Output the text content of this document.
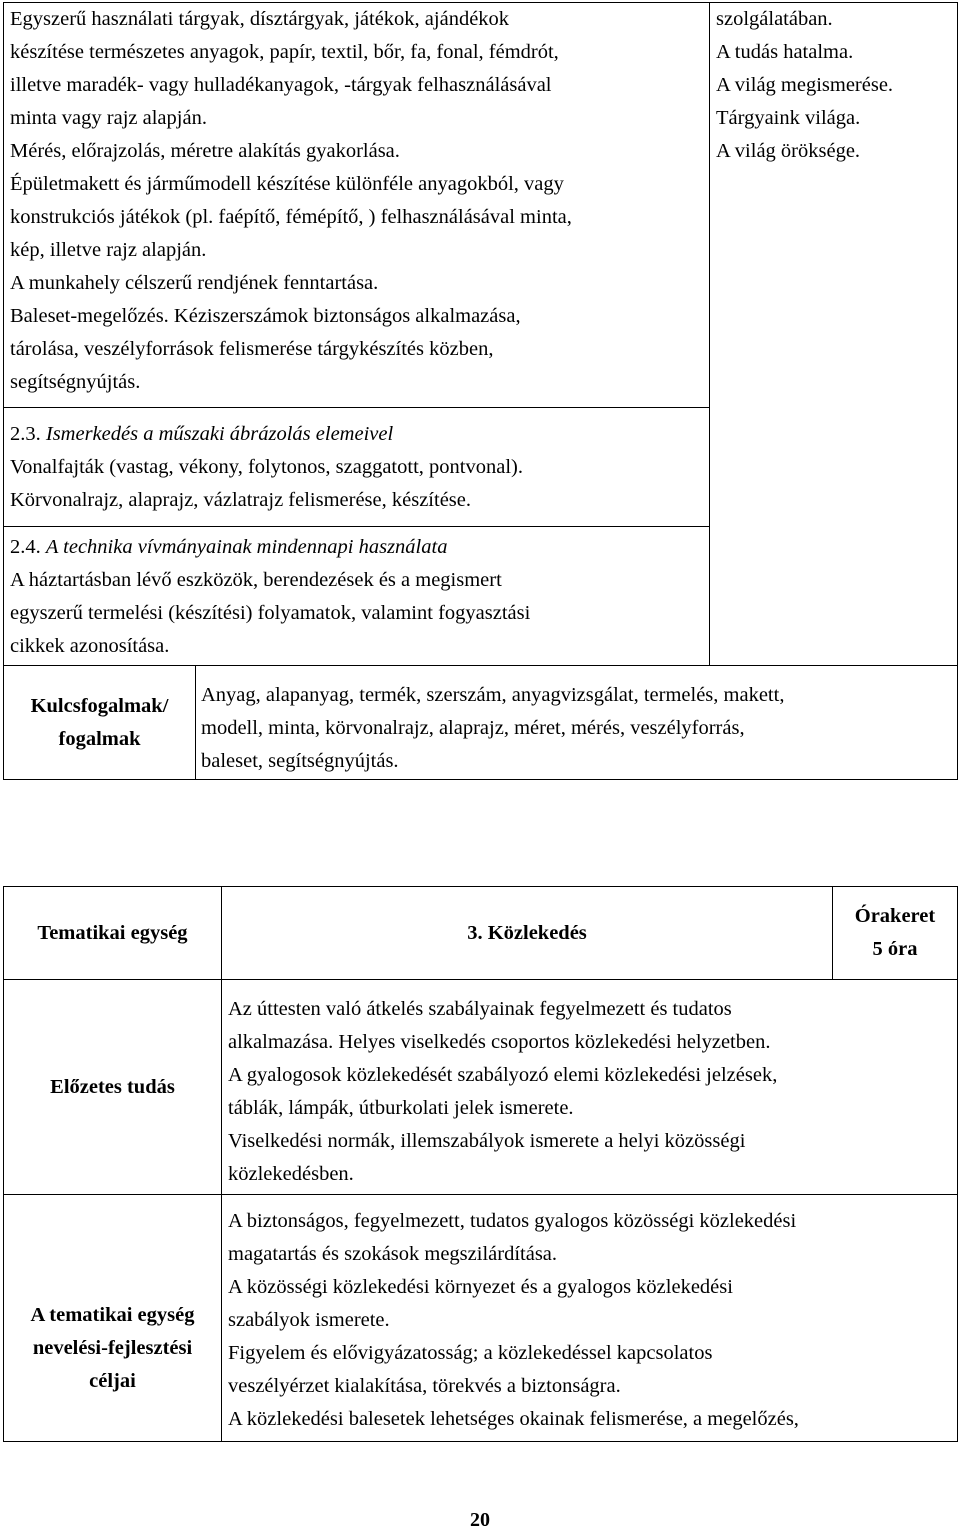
Egyszerű használati tárgyak, dísztárgyak, játékok, ajándékok
készítése természetes anyagok, papír, textil, bőr, fa, fonal, fémdrót,
illetve maradék- vagy hulladékanyagok, -tárgyak felhasználásával
minta vagy rajz alapján.
Mérés, előrajzolás, méretre alakítás gyakorlása.
Épületmakett és járműmodell készítése különféle anyagokból, vagy
konstrukciós játékok (pl. faépítő, fémépítő, ) felhasználásával minta,
kép, illetve rajz alapján.
A munkahely célszerű rendjének fenntartása.
Baleset-megelőzés. Kéziszerszámok biztonságos alkalmazása,
tárolása, veszélyforrások felismerése tárgykészítés közben,
segítségnyújtás.
2.3. Ismerkedés a műszaki ábrázolás elemeivel
Vonalfajták (vastag, vékony, folytonos, szaggatott, pontvonal).
Körvonalrajz, alaprajz, vázlatrajz felismerése, készítése.
2.4. A technika vívmányainak mindennapi használata
A háztartásban lévő eszközök, berendezések és a megismert
egyszerű termelési (készítési) folyamatok, valamint fogyasztási
cikkek azonosítása.
szolgálatában.
A tudás hatalma.
A világ megismerése.
Tárgyaink világa.
A világ öröksége.
Kulcsfogalmak/
fogalmak
Anyag, alapanyag, termék, szerszám, anyagvizsgálat, termelés, makett,
modell, minta, körvonalrajz, alaprajz, méret, mérés, veszélyforrás,
baleset, segítségnyújtás.
Tematikai egység	3. Közlekedés
Órakeret
5 óra
Előzetes tudás
Az úttesten való átkelés szabályainak fegyelmezett és tudatos
alkalmazása. Helyes viselkedés csoportos közlekedési helyzetben.
A gyalogosok közlekedését szabályozó elemi közlekedési jelzések,
táblák, lámpák, útburkolati jelek ismerete.
Viselkedési normák, illemszabályok ismerete a helyi közösségi
közlekedésben.
A tematikai egység
nevelési-fejlesztési
céljai
A biztonságos, fegyelmezett, tudatos gyalogos közösségi közlekedési
magatartás és szokások megszilárdítása.
A közösségi közlekedési környezet és a gyalogos közlekedési
szabályok ismerete.
Figyelem és elővigyázatosság; a közlekedéssel kapcsolatos
veszélyérzet kialakítása, törekvés a biztonságra.
A közlekedési balesetek lehetséges okainak felismerése, a megelőzés,
20
